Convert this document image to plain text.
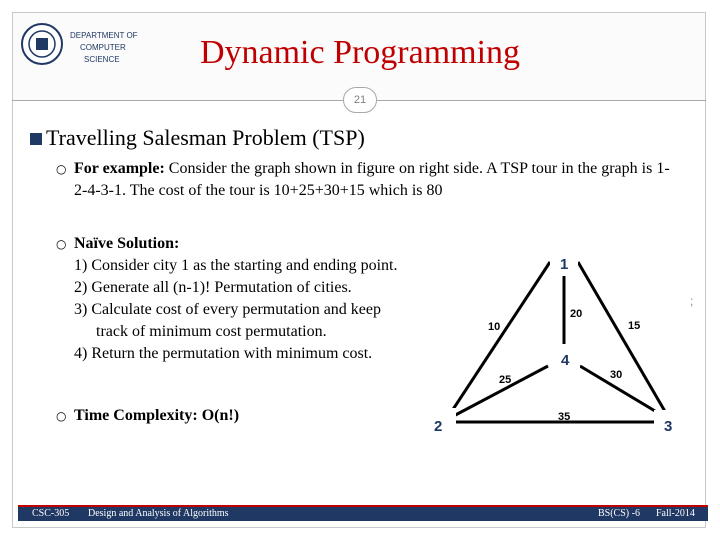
DEPARTMENT OF
COMPUTER
SCIENCE	Dynamic Programming
21
Travelling Salesman Problem (TSP)
○ For example: Consider the graph shown in figure on right side. A TSP tour in the graph is 1-2-4-3-1. The cost of the tour is 10+25+30+15 which is 80
○ Naïve Solution:
1) Consider city 1 as the starting and ending point.
2) Generate all (n-1)! Permutation of cities.
3) Calculate cost of every permutation and keep
track of minimum cost permutation.
4) Return the permutation with minimum cost.
○ Time Complexity: O(n!)
1
2	3
4
10	15
20
25	30
35
;
CSC-305 Design and Analysis of Algorithms	BS(CS) -6 Fall-2014
